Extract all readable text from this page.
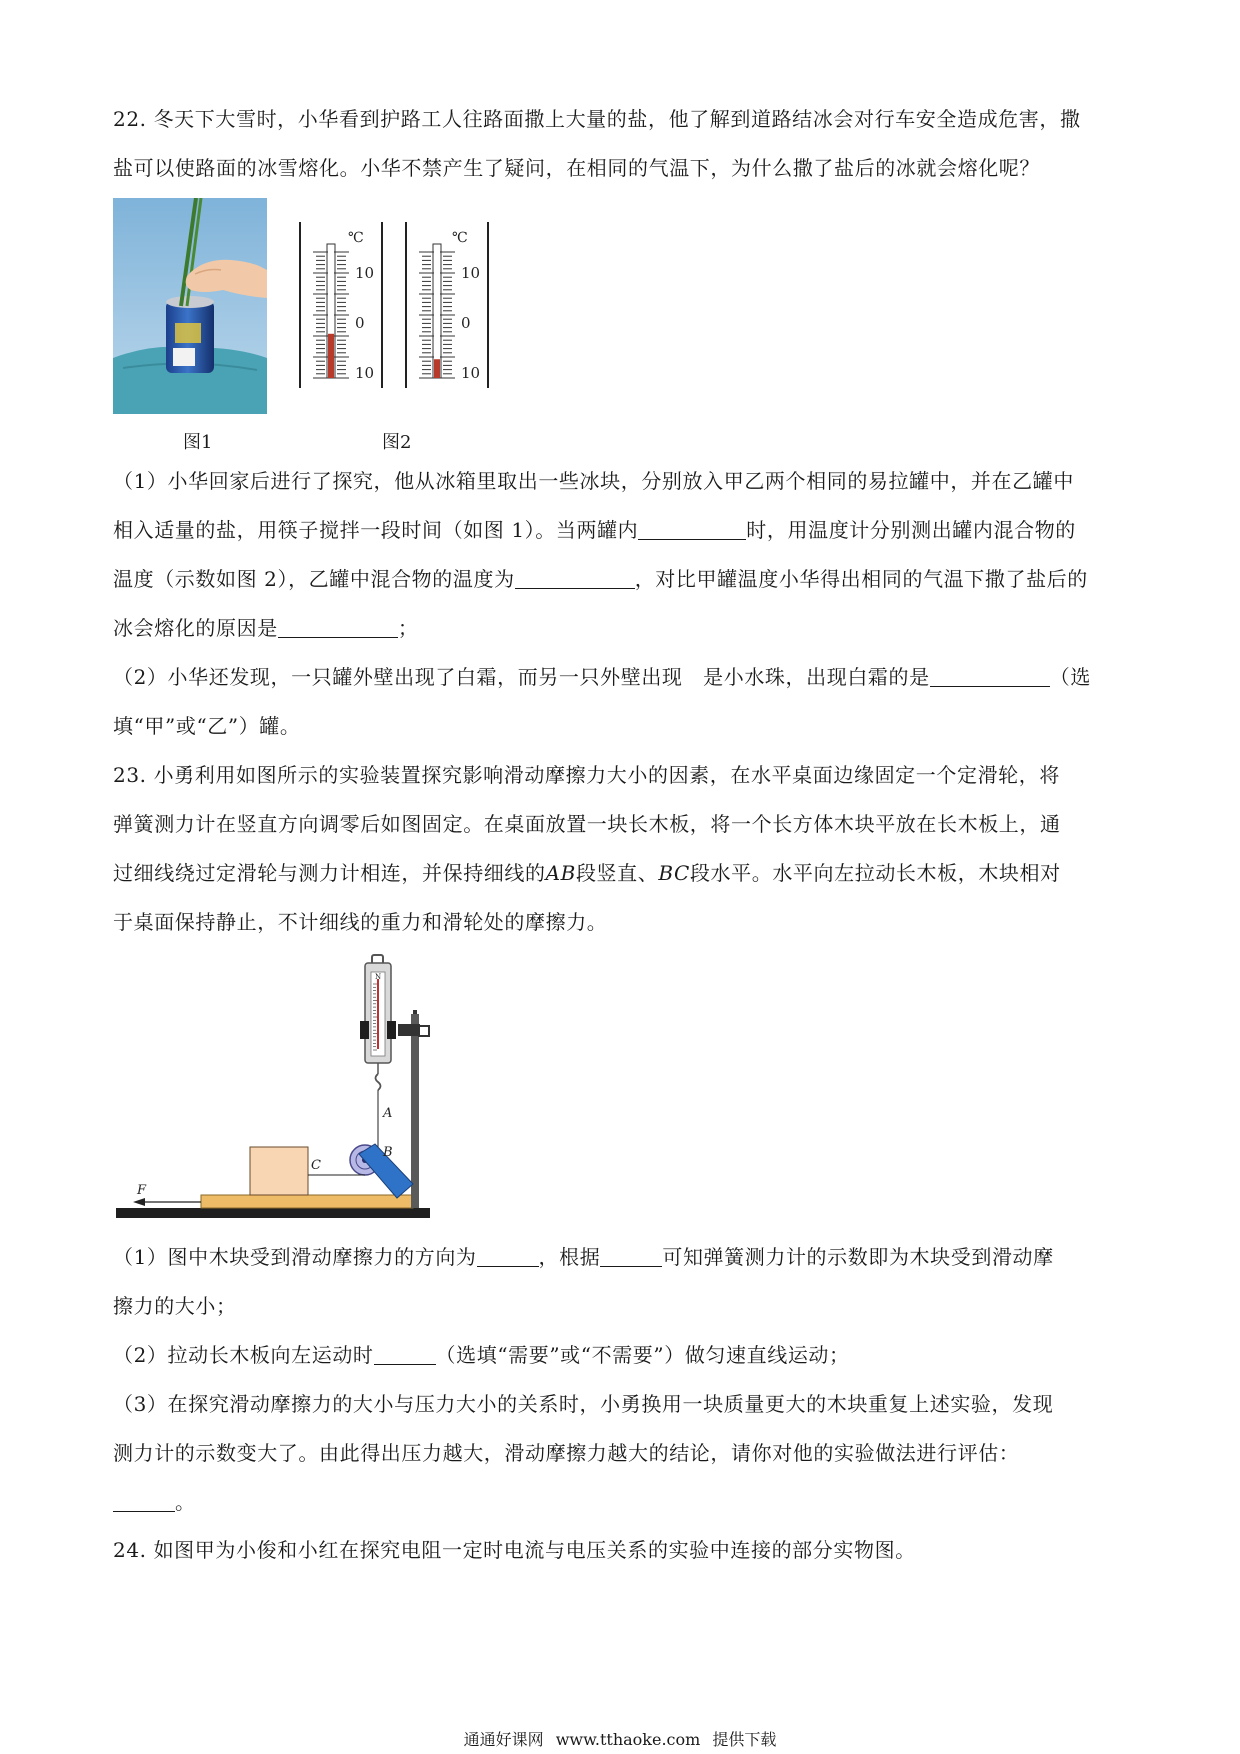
22. 冬天下大雪时，小华看到护路工人往路面撒上大量的盐，他了解到道路结冰会对行车安全造成危害，撒
盐可以使路面的冰雪熔化。小华不禁产生了疑问，在相同的气温下，为什么撒了盐后的冰就会熔化呢？
℃
10
0
10
℃
10
0
10
图1	图2
（1）小华回家后进行了探究，他从冰箱里取出一些冰块，分别放入甲乙两个相同的易拉罐中，并在乙罐中
相入适量的盐，用筷子搅拌一段时间（如图 1）。当两罐内	时，用温度计分别测出罐内混合物的
温度（示数如图 2），乙罐中混合物的温度为	，对比甲罐温度小华得出相同的气温下撒了盐后的
冰会熔化的原因是	；
（2）小华还发现，一只罐外壁出现了白霜，而另一只外壁出现　是小水珠，出现白霜的是	（选
填“甲”或“乙”）罐。
23. 小勇利用如图所示的实验装置探究影响滑动摩擦力大小的因素，在水平桌面边缘固定一个定滑轮，将
弹簧测力计在竖直方向调零后如图固定。在桌面放置一块长木板，将一个长方体木块平放在长木板上，通
过细线绕过定滑轮与测力计相连，并保持细线的AB段竖直、BC段水平。水平向左拉动长木板，木块相对
于桌面保持静止，不计细线的重力和滑轮处的摩擦力。
N
A
B
C
F
（1）图中木块受到滑动摩擦力的方向为	，根据	可知弹簧测力计的示数即为木块受到滑动摩
擦力的大小；
（2）拉动长木板向左运动时	（选填“需要”或“不需要”）做匀速直线运动；
（3）在探究滑动摩擦力的大小与压力大小的关系时，小勇换用一块质量更大的木块重复上述实验，发现
测力计的示数变大了。由此得出压力越大，滑动摩擦力越大的结论，请你对他的实验做法进行评估：
。
24. 如图甲为小俊和小红在探究电阻一定时电流与电压关系的实验中连接的部分实物图。
通通好课网 www.tthaoke.com 提供下载
